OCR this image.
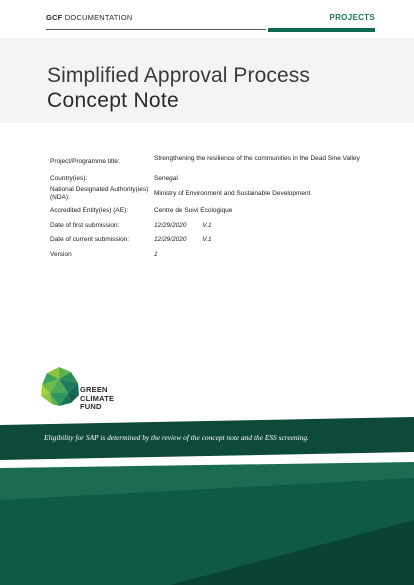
GCF DOCUMENTATION	PROJECTS
Simplified Approval Process
Concept Note
Project/Programme title:	Strengthening the resilience of the communities in the Dead Sine Valley
Country(ies):	Senegal
National Designated Authority(ies) (NDA):
Ministry of Environment and Sustainable Development
Accredited Entity(ies) (AE):	Centre de Suivi Ecologique
Date of first submission:	12/29/2020 V.1
Date of current submission:	12/29/2020 V.1
Version	1
GREEN
CLIMATE
FUND
Eligibility for SAP is determined by the review of the concept note and the ESS screening.
